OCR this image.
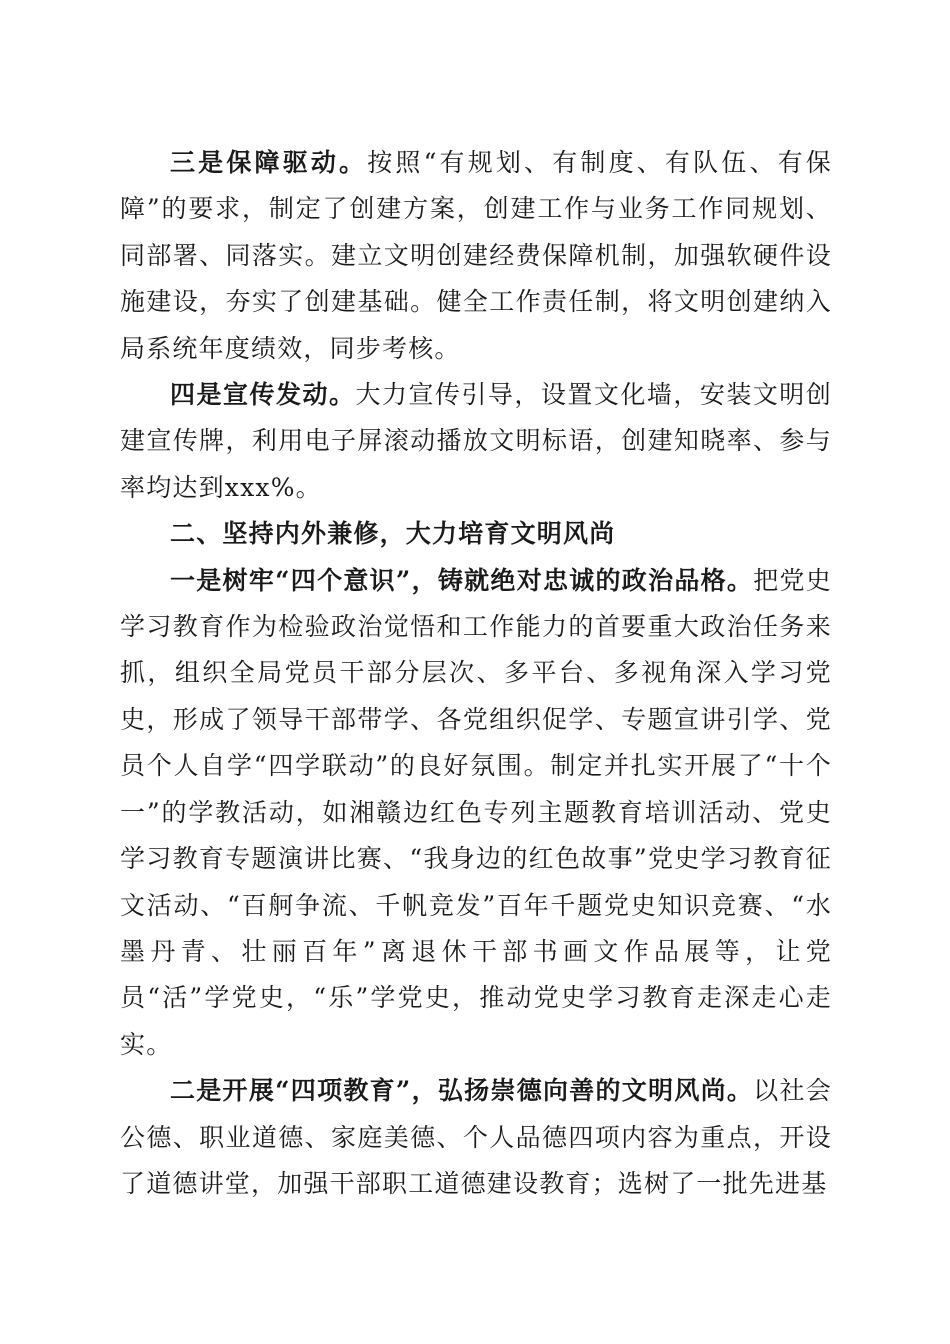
三是保障驱动。按照“有规划、有制度、有队伍、有保障”的要求，制定了创建方案，创建工作与业务工作同规划、同部署、同落实。建立文明创建经费保障机制，加强软硬件设施建设，夯实了创建基础。健全工作责任制，将文明创建纳入局系统年度绩效，同步考核。

四是宣传发动。大力宣传引导，设置文化墙，安装文明创建宣传牌，利用电子屏滚动播放文明标语，创建知晓率、参与率均达到xxx%。

二、坚持内外兼修，大力培育文明风尚

一是树牢“四个意识”，铸就绝对忠诚的政治品格。把党史学习教育作为检验政治觉悟和工作能力的首要重大政治任务来抓，组织全局党员干部分层次、多平台、多视角深入学习党史，形成了领导干部带学、各党组织促学、专题宣讲引学、党员个人自学“四学联动”的良好氛围。制定并扎实开展了“十个一”的学教活动，如湘赣边红色专列主题教育培训活动、党史学习教育专题演讲比赛、“我身边的红色故事”党史学习教育征文活动、“百舸争流、千帆竞发”百年千题党史知识竞赛、“水墨丹青、壮丽百年”离退休干部书画文作品展等，让党员“活”学党史，“乐”学党史，推动党史学习教育走深走心走实。

二是开展“四项教育”，弘扬崇德向善的文明风尚。以社会公德、职业道德、家庭美德、个人品德四项内容为重点，开设了道德讲堂，加强干部职工道德建设教育；选树了一批先进基
